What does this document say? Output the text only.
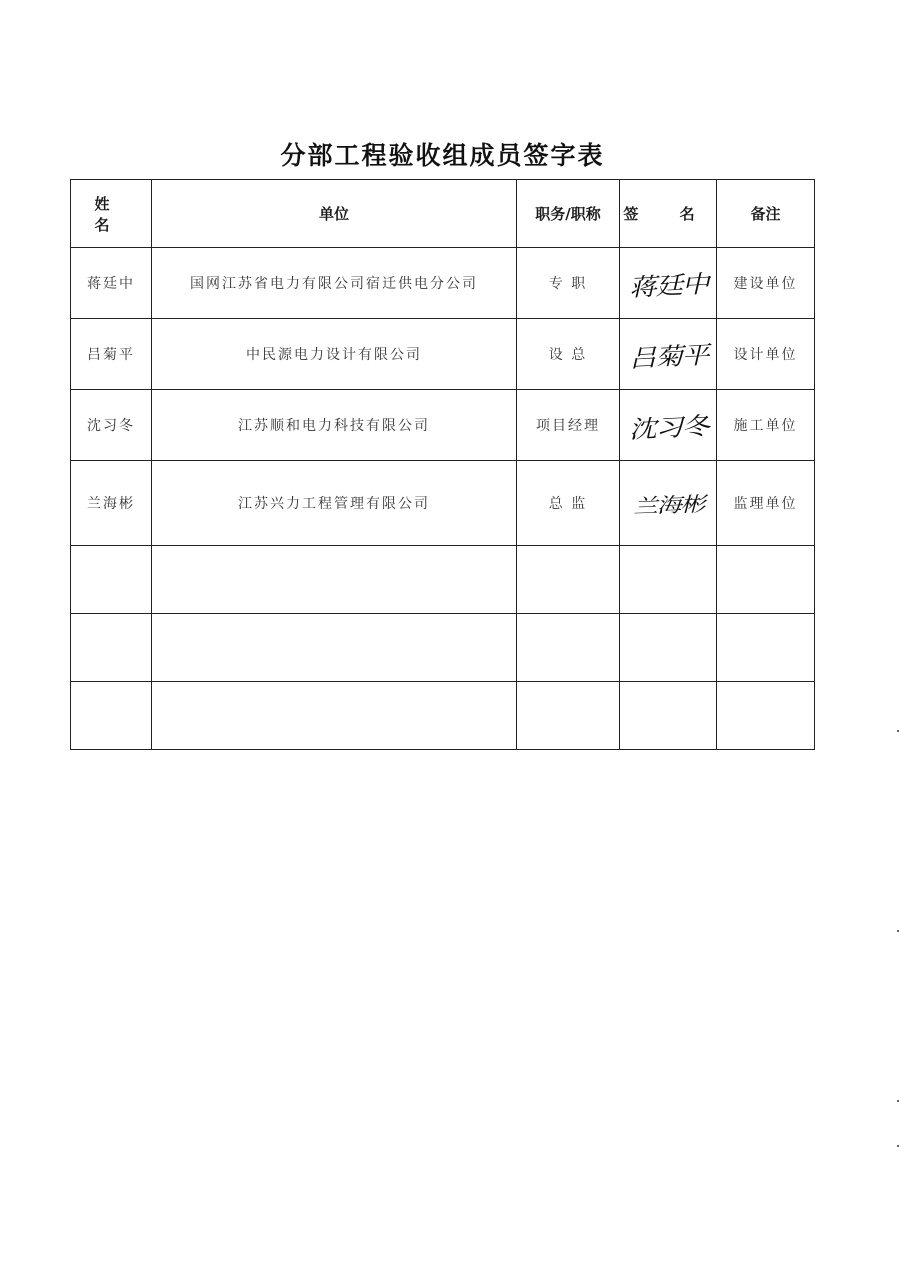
分部工程验收组成员签字表
姓 名	单位	职务/职称	签 名	备注
蒋廷中	国网江苏省电力有限公司宿迁供电分公司	专 职	蒋廷中	建设单位
吕菊平	中民源电力设计有限公司	设 总	吕菊平	设计单位
沈习冬	江苏顺和电力科技有限公司	项目经理	沈习冬	施工单位
兰海彬	江苏兴力工程管理有限公司	总 监	兰海彬	监理单位
